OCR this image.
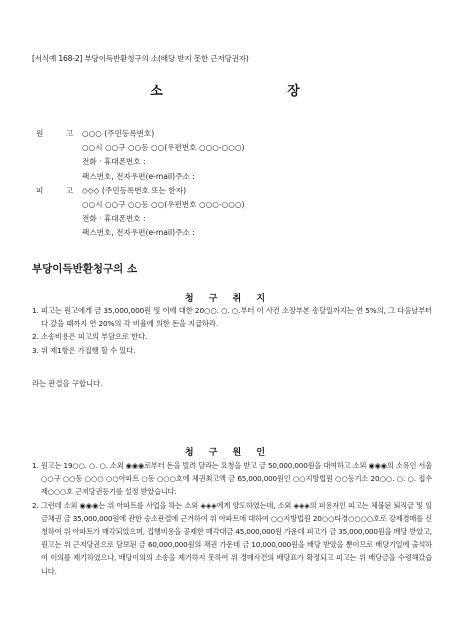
[서식예 168-2] 부당이득반환청구의 소(배당 받지 못한 근저당권자)
소 장
원 고
○○○ (주민등록번호)
○○시 ○○구 ○○동 ○○(우편번호 ○○○-○○○)
전화 · 휴대폰번호 :
팩스번호, 전자우편(e-mail)주소 :
피 고
◇◇◇ (주민등록번호 또는 한자)
○○시 ○○구 ○○동 ○○(우편번호 ○○○-○○○)
전화 · 휴대폰번호 :
팩스번호, 전자우편(e-mail)주소 :
부당이득반환청구의 소
청 구 취 지
1. 피고는 원고에게 금 35,000,000원 및 이에 대한 20○○. ○. ○.부터 이 사건 소장부본 송달일까지는 연 5%의, 그 다음날부터 다 갚을 때까지 연 20%의 각 비율에 의한 돈을 지급하라.
2. 소송비용은 피고의 부담으로 한다.
3. 위 제1항은 가집행 할 수 있다.
라는 판결을 구합니다.
청 구 원 인
1. 원고는 19○○. ○. ○. 소외 ◉◉◉로부터 돈을 빌려 달라는 요청을 받고 금 50,000,000원을 대여하고 소외 ◉◉◉의 소유인 서울 ○○구 ○○동 ○○○ ○○아파트 ○동 ○○○호에 채권최고액 금 65,000,000원인 ○○지방법원 ○○등기소 20○○. ○. ○. 접수 제○○○호 근저당권등기를 설정 받았습니다.
2. 그런데 소외 ◉◉◉는 위 아파트를 사업을 하는 소외 ◈◈◈에게 양도하였는데, 소외 ◈◈◈의 피용자인 피고는 체불된 퇴직금 및 임금채권 금 35,000,000원에 관한 승소판결에 근거하여 위 아파트에 대하여 ○○지방법원 20○○타경○○○○호로 강제경매를 신청하여 위 아파트가 매각되었으며, 집행비용을 공제한 매각대금 45,000,000원 가운데 피고가 금 35,000,000원을 배당 받았고, 원고는 위 근저당권으로 담보된 금 60,000,000원의 채권 가운데 금 10,000,000원을 배당 받았을 뿐이므로 배당기일에 출석하여 이의를 제기하였으나, 배당이의의 소송을 제기하지 못하여 위 경매사건의 배당표가 확정되고 피고는 위 배당금을 수령해갔습니다.
